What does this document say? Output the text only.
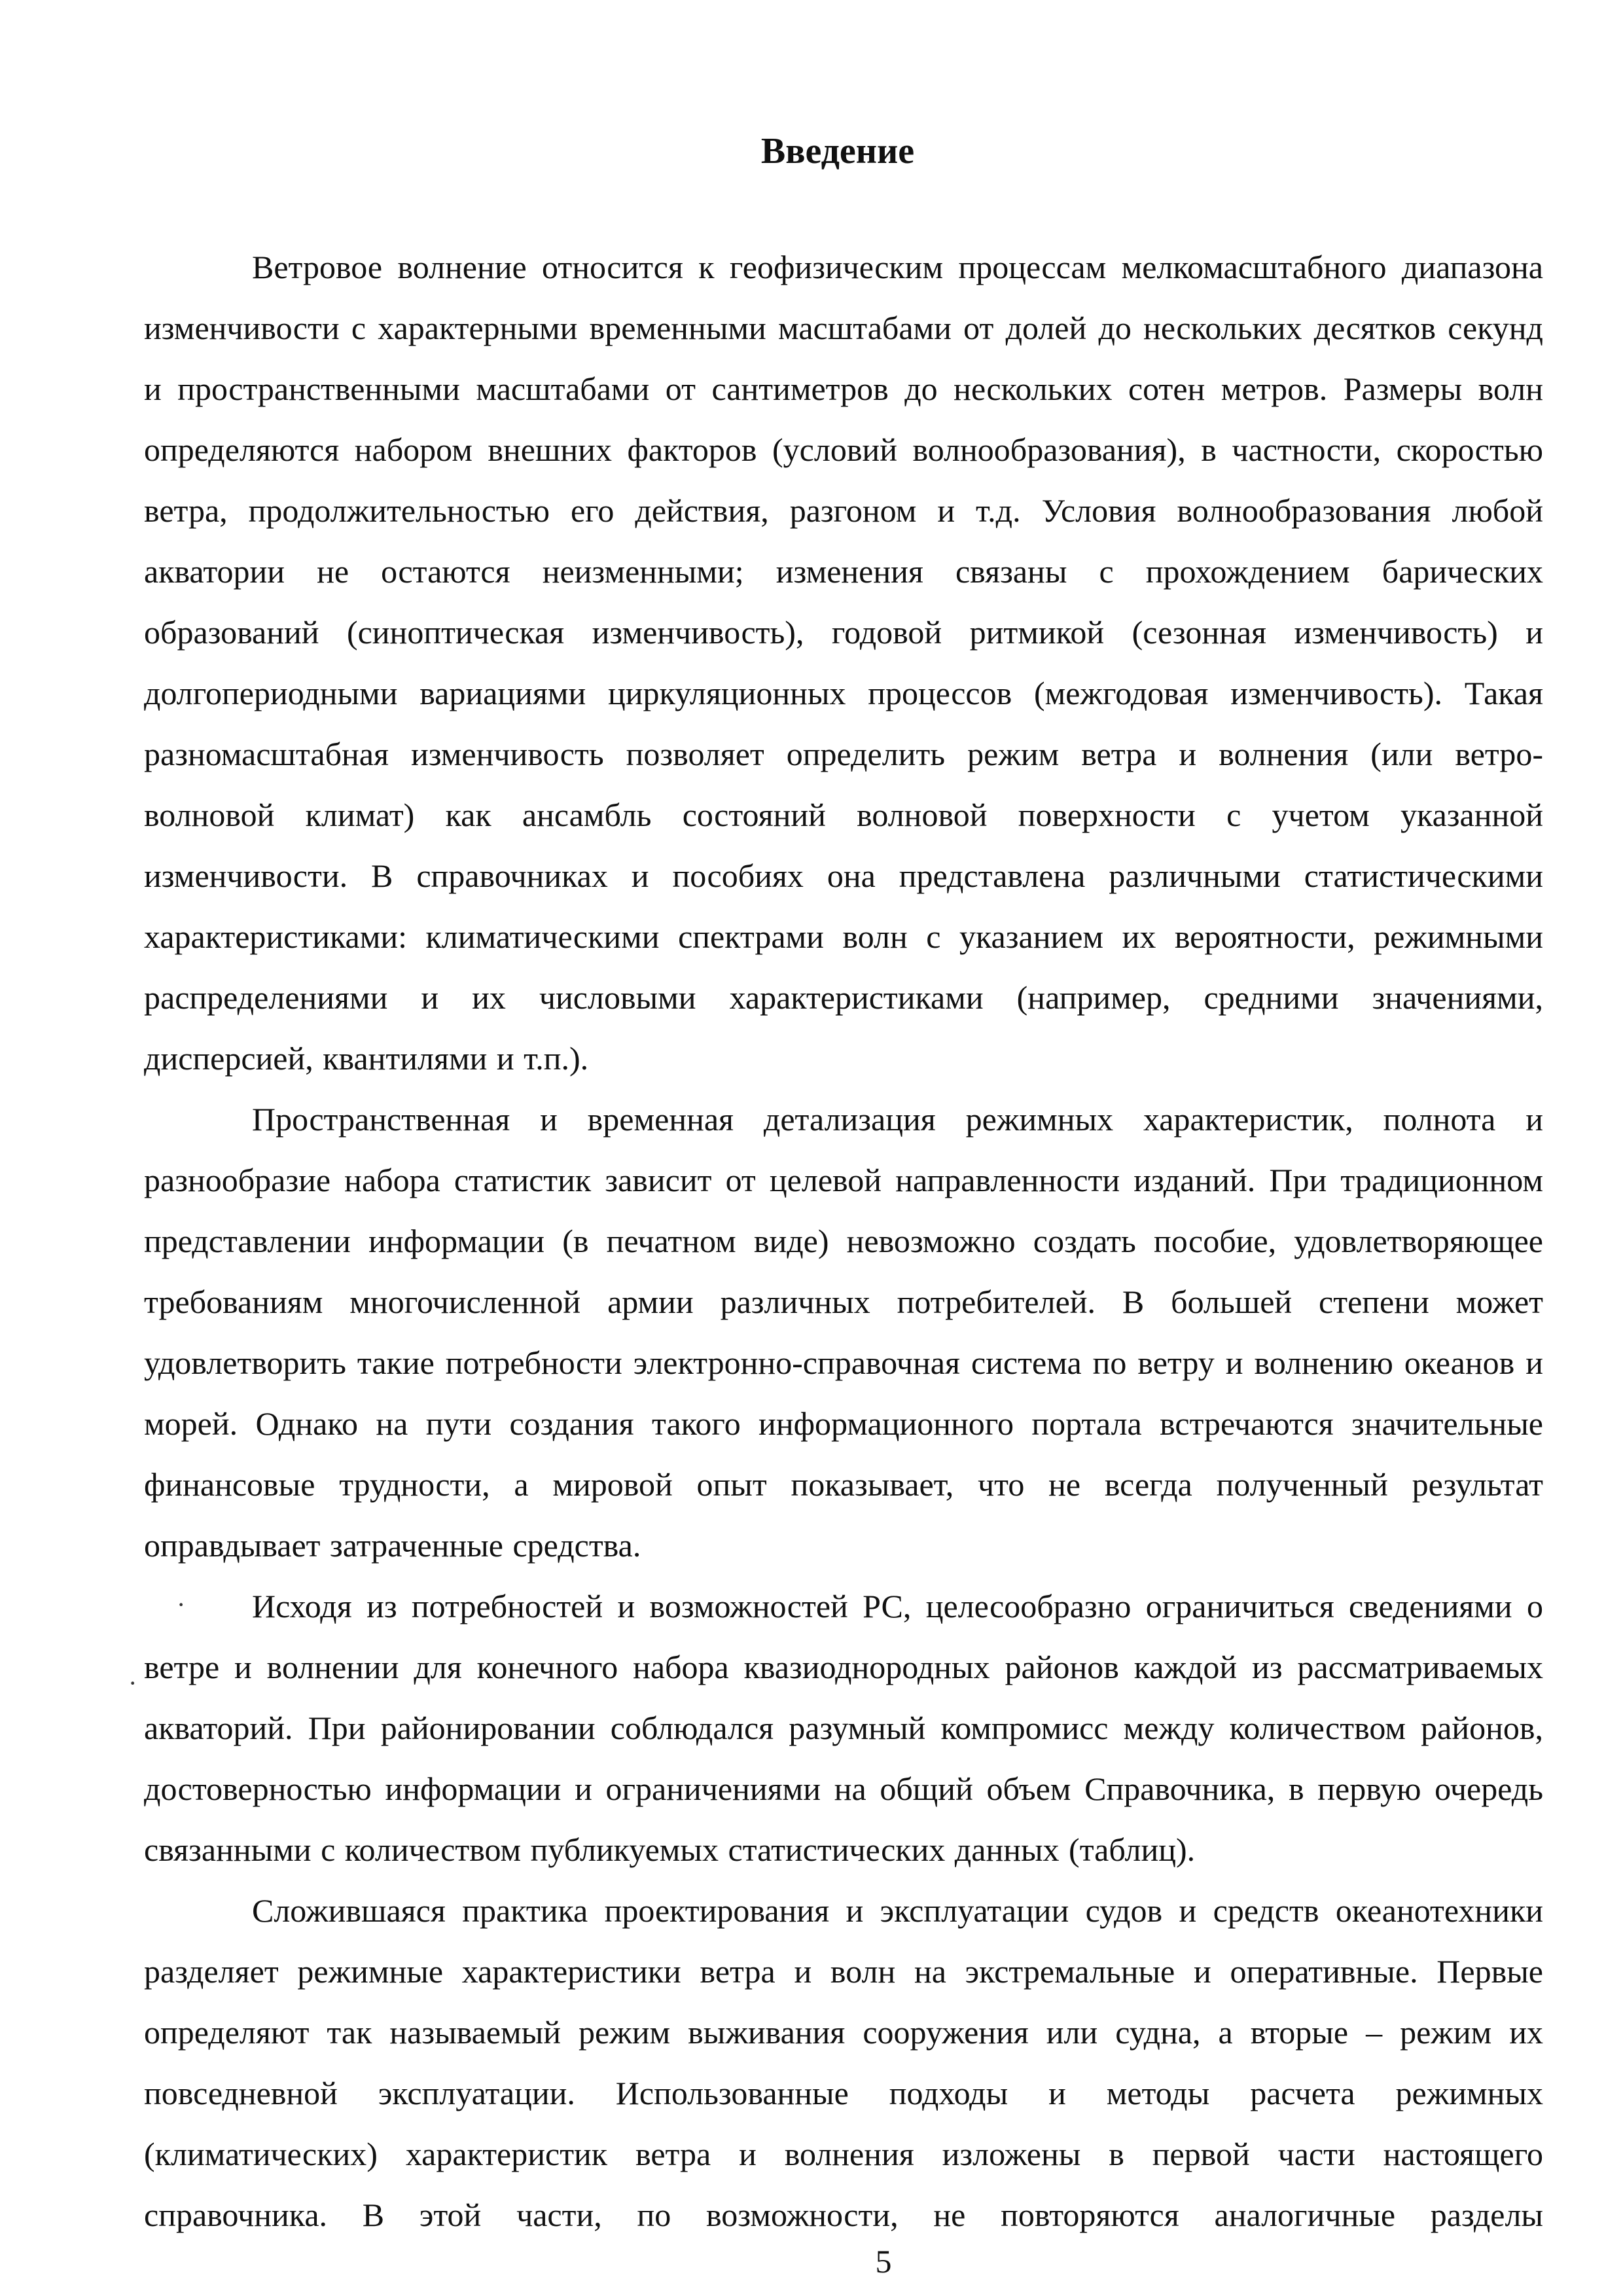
Введение

Ветровое волнение относится к геофизическим процессам мелкомасштабного диапазона изменчивости с характерными временными масштабами от долей до нескольких десятков секунд и пространственными масштабами от сантиметров до нескольких сотен метров. Размеры волн определяются набором внешних факторов (условий волнообразования), в частности, скоростью ветра, продолжительностью его действия, разгоном и т.д. Условия волнообразования любой акватории не остаются неизменными; изменения связаны с прохождением барических образований (синоптическая изменчивость), годовой ритмикой (сезонная изменчивость) и долгопериодными вариациями циркуляционных процессов (межгодовая изменчивость). Такая разномасштабная изменчивость позволяет определить режим ветра и волнения (или ветро-волновой климат) как ансамбль состояний волновой поверхности с учетом указанной изменчивости. В справочниках и пособиях она представлена различными статистическими характеристиками: климатическими спектрами волн с указанием их вероятности, режимными распределениями и их числовыми характеристиками (например, средними значениями, дисперсией, квантилями и т.п.).

Пространственная и временная детализация режимных характеристик, полнота и разнообразие набора статистик зависит от целевой направленности изданий. При традиционном представлении информации (в печатном виде) невозможно создать пособие, удовлетворяющее требованиям многочисленной армии различных потребителей. В большей степени может удовлетворить такие потребности электронно-справочная система по ветру и волнению океанов и морей. Однако на пути создания такого информационного портала встречаются значительные финансовые трудности, а мировой опыт показывает, что не всегда полученный результат оправдывает затраченные средства.

Исходя из потребностей и возможностей РС, целесообразно ограничиться сведениями о ветре и волнении для конечного набора квазиоднородных районов каждой из рассматриваемых акваторий. При районировании соблюдался разумный компромисс между количеством районов, достоверностью информации и ограничениями на общий объем Справочника, в первую очередь связанными с количеством публикуемых статистических данных (таблиц).

Сложившаяся практика проектирования и эксплуатации судов и средств океанотехники разделяет режимные характеристики ветра и волн на экстремальные и оперативные. Первые определяют так называемый режим выживания сооружения или судна, а вторые – режим их повседневной эксплуатации. Использованные подходы и методы расчета режимных (климатических) характеристик ветра и волнения изложены в первой части настоящего справочника. В этой части, по возможности, не повторяются аналогичные разделы

·
·

5
